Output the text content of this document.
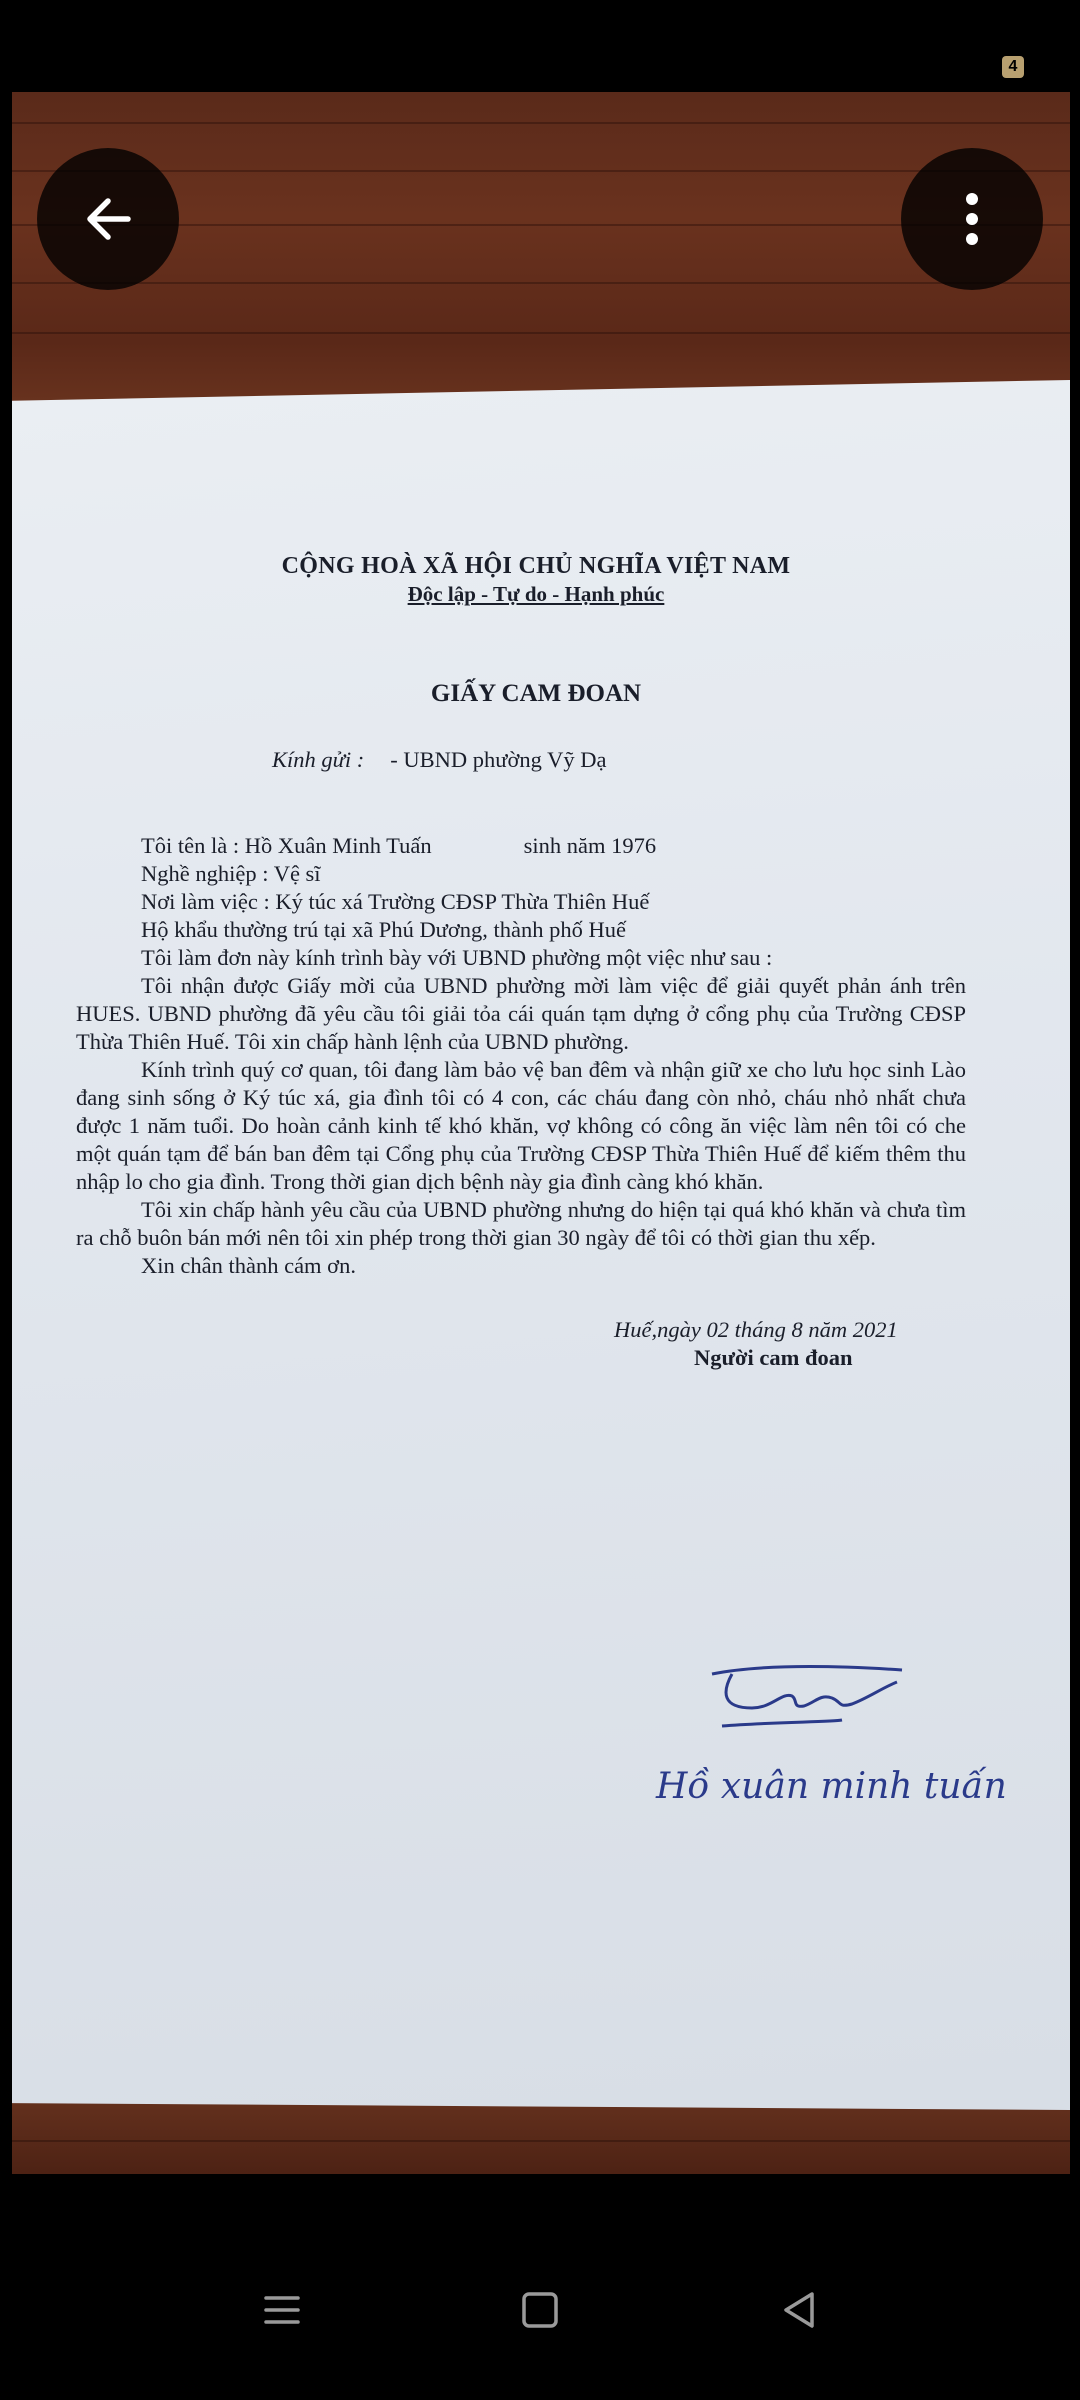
4
CỘNG HOÀ XÃ HỘI CHỦ NGHĨA VIỆT NAM
Độc lập - Tự do - Hạnh phúc
GIẤY CAM ĐOAN
Kính gửi : - UBND phường Vỹ Dạ
Tôi tên là : Hồ Xuân Minh Tuấn	sinh năm 1976
Nghề nghiệp : Vệ sĩ
Nơi làm việc : Ký túc xá Trường CĐSP Thừa Thiên Huế
Hộ khẩu thường trú tại xã Phú Dương, thành phố Huế
Tôi làm đơn này kính trình bày với UBND phường một việc như sau :
Tôi nhận được Giấy mời của UBND phường mời làm việc để giải quyết phản ánh trên HUES. UBND phường đã yêu cầu tôi giải tỏa cái quán tạm dựng ở cổng phụ của Trường CĐSP Thừa Thiên Huế. Tôi xin chấp hành lệnh của UBND phường.
Kính trình quý cơ quan, tôi đang làm bảo vệ ban đêm và nhận giữ xe cho lưu học sinh Lào đang sinh sống ở Ký túc xá, gia đình tôi có 4 con, các cháu đang còn nhỏ, cháu nhỏ nhất chưa được 1 năm tuổi. Do hoàn cảnh kinh tế khó khăn, vợ không có công ăn việc làm nên tôi có che một quán tạm để bán ban đêm tại Cổng phụ của Trường CĐSP Thừa Thiên Huế để kiếm thêm thu nhập lo cho gia đình. Trong thời gian dịch bệnh này gia đình càng khó khăn.
Tôi xin chấp hành yêu cầu của UBND phường nhưng do hiện tại quá khó khăn và chưa tìm ra chỗ buôn bán mới nên tôi xin phép trong thời gian 30 ngày để tôi có thời gian thu xếp.
Xin chân thành cám ơn.
Huế,ngày 02 tháng 8 năm 2021
Người cam đoan
Hồ xuân minh tuấn
